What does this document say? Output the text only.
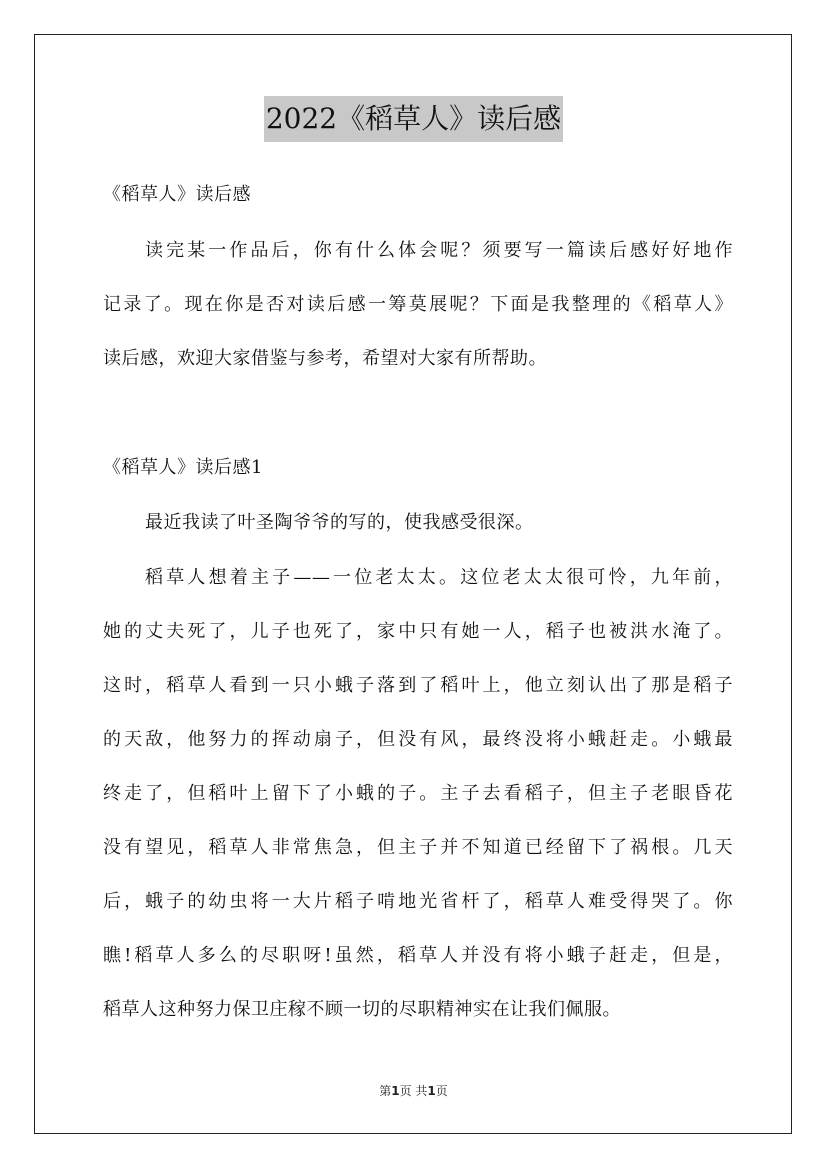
2022《稻草人》读后感
《稻草人》读后感
读完某一作品后，你有什么体会呢？须要写一篇读后感好好地作
记录了。现在你是否对读后感一筹莫展呢？下面是我整理的《稻草人》
读后感，欢迎大家借鉴与参考，希望对大家有所帮助。
《稻草人》读后感1
最近我读了叶圣陶爷爷的写的，使我感受很深。
稻草人想着主子——一位老太太。这位老太太很可怜，九年前，
她的丈夫死了，儿子也死了，家中只有她一人，稻子也被洪水淹了。
这时，稻草人看到一只小蛾子落到了稻叶上，他立刻认出了那是稻子
的天敌，他努力的挥动扇子，但没有风，最终没将小蛾赶走。小蛾最
终走了，但稻叶上留下了小蛾的子。主子去看稻子，但主子老眼昏花
没有望见，稻草人非常焦急，但主子并不知道已经留下了祸根。几天
后，蛾子的幼虫将一大片稻子啃地光省杆了，稻草人难受得哭了。你
瞧!稻草人多么的尽职呀!虽然，稻草人并没有将小蛾子赶走，但是，
稻草人这种努力保卫庄稼不顾一切的尽职精神实在让我们佩服。
第1页 共1页
